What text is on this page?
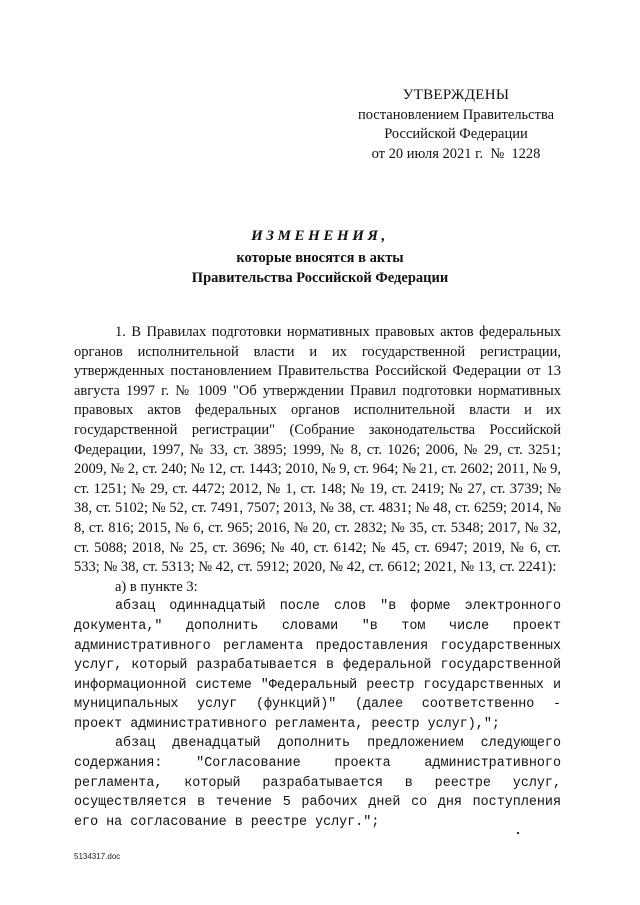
УТВЕРЖДЕНЫ
постановлением Правительства
Российской Федерации
от 20 июля 2021 г.  №  1228
ИЗМЕНЕНИЯ,
которые вносятся в акты
Правительства Российской Федерации

1. В Правилах подготовки нормативных правовых актов федеральных органов исполнительной власти и их государственной регистрации, утвержденных постановлением Правительства Российской Федерации от 13 августа 1997 г. № 1009 "Об утверждении Правил подготовки нормативных правовых актов федеральных органов исполнительной власти и их государственной регистрации" (Собрание законодательства Российской Федерации, 1997, № 33, ст. 3895; 1999, № 8, ст. 1026; 2006, № 29, ст. 3251; 2009, № 2, ст. 240; № 12, ст. 1443; 2010, № 9, ст. 964; № 21, ст. 2602; 2011, № 9, ст. 1251; № 29, ст. 4472; 2012, № 1, ст. 148; № 19, ст. 2419; № 27, ст. 3739; № 38, ст. 5102; № 52, ст. 7491, 7507; 2013, № 38, ст. 4831; № 48, ст. 6259; 2014, № 8, ст. 816; 2015, № 6, ст. 965; 2016, № 20, ст. 2832; № 35, ст. 5348; 2017, № 32, ст. 5088; 2018, № 25, ст. 3696; № 40, ст. 6142; № 45, ст. 6947; 2019, № 6, ст. 533; № 38, ст. 5313; № 42, ст. 5912; 2020, № 42, ст. 6612; 2021, № 13, ст. 2241):

а) в пункте 3:

абзац одиннадцатый после слов "в форме электронного документа," дополнить словами "в том числе проект административного регламента предоставления государственных услуг, который разрабатывается в федеральной государственной информационной системе "Федеральный реестр государственных и муниципальных услуг (функций)" (далее соответственно - проект административного регламента, реестр услуг),";

абзац двенадцатый дополнить предложением следующего содержания: "Согласование проекта административного регламента, который разрабатывается в реестре услуг, осуществляется в течение 5 рабочих дней со дня поступления его на согласование в реестре услуг.";

5134317.doc
